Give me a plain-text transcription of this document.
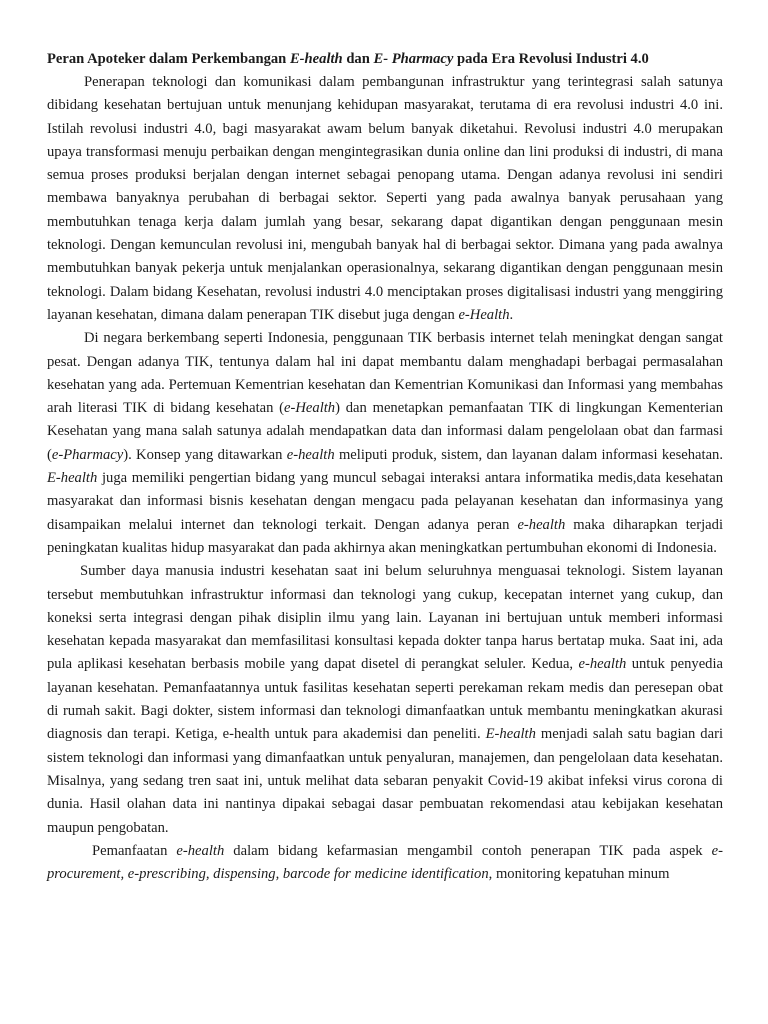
Peran Apoteker dalam Perkembangan E-health dan E- Pharmacy pada Era Revolusi Industri 4.0

Penerapan teknologi dan komunikasi dalam pembangunan infrastruktur yang terintegrasi salah satunya dibidang kesehatan bertujuan untuk menunjang kehidupan masyarakat, terutama di era revolusi industri 4.0 ini. Istilah revolusi industri 4.0, bagi masyarakat awam belum banyak diketahui. Revolusi industri 4.0 merupakan upaya transformasi menuju perbaikan dengan mengintegrasikan dunia online dan lini produksi di industri, di mana semua proses produksi berjalan dengan internet sebagai penopang utama. Dengan adanya revolusi ini sendiri membawa banyaknya perubahan di berbagai sektor. Seperti yang pada awalnya banyak perusahaan yang membutuhkan tenaga kerja dalam jumlah yang besar, sekarang dapat digantikan dengan penggunaan mesin teknologi. Dengan kemunculan revolusi ini, mengubah banyak hal di berbagai sektor. Dimana yang pada awalnya membutuhkan banyak pekerja untuk menjalankan operasionalnya, sekarang digantikan dengan penggunaan mesin teknologi. Dalam bidang Kesehatan, revolusi industri 4.0 menciptakan proses digitalisasi industri yang menggiring layanan kesehatan, dimana dalam penerapan TIK disebut juga dengan e-Health.

Di negara berkembang seperti Indonesia, penggunaan TIK berbasis internet telah meningkat dengan sangat pesat. Dengan adanya TIK, tentunya dalam hal ini dapat membantu dalam menghadapi berbagai permasalahan kesehatan yang ada. Pertemuan Kementrian kesehatan dan Kementrian Komunikasi dan Informasi yang membahas arah literasi TIK di bidang kesehatan (e-Health) dan menetapkan pemanfaatan TIK di lingkungan Kementerian Kesehatan yang mana salah satunya adalah mendapatkan data dan informasi dalam pengelolaan obat dan farmasi (e-Pharmacy). Konsep yang ditawarkan e-health meliputi produk, sistem, dan layanan dalam informasi kesehatan. E-health juga memiliki pengertian bidang yang muncul sebagai interaksi antara informatika medis,data kesehatan masyarakat dan informasi bisnis kesehatan dengan mengacu pada pelayanan kesehatan dan informasinya yang disampaikan melalui internet dan teknologi terkait. Dengan adanya peran e-health maka diharapkan terjadi peningkatan kualitas hidup masyarakat dan pada akhirnya akan meningkatkan pertumbuhan ekonomi di Indonesia.

Sumber daya manusia industri kesehatan saat ini belum seluruhnya menguasai teknologi. Sistem layanan tersebut membutuhkan infrastruktur informasi dan teknologi yang cukup, kecepatan internet yang cukup, dan koneksi serta integrasi dengan pihak disiplin ilmu yang lain. Layanan ini bertujuan untuk memberi informasi kesehatan kepada masyarakat dan memfasilitasi konsultasi kepada dokter tanpa harus bertatap muka. Saat ini, ada pula aplikasi kesehatan berbasis mobile yang dapat disetel di perangkat seluler. Kedua, e-health untuk penyedia layanan kesehatan. Pemanfaatannya untuk fasilitas kesehatan seperti perekaman rekam medis dan peresepan obat di rumah sakit. Bagi dokter, sistem informasi dan teknologi dimanfaatkan untuk membantu meningkatkan akurasi diagnosis dan terapi. Ketiga, e-health untuk para akademisi dan peneliti. E-health menjadi salah satu bagian dari sistem teknologi dan informasi yang dimanfaatkan untuk penyaluran, manajemen, dan pengelolaan data kesehatan. Misalnya, yang sedang tren saat ini, untuk melihat data sebaran penyakit Covid-19 akibat infeksi virus corona di dunia. Hasil olahan data ini nantinya dipakai sebagai dasar pembuatan rekomendasi atau kebijakan kesehatan maupun pengobatan.

Pemanfaatan e-health dalam bidang kefarmasian mengambil contoh penerapan TIK pada aspek e-procurement, e-prescribing, dispensing, barcode for medicine identification, monitoring kepatuhan minum
